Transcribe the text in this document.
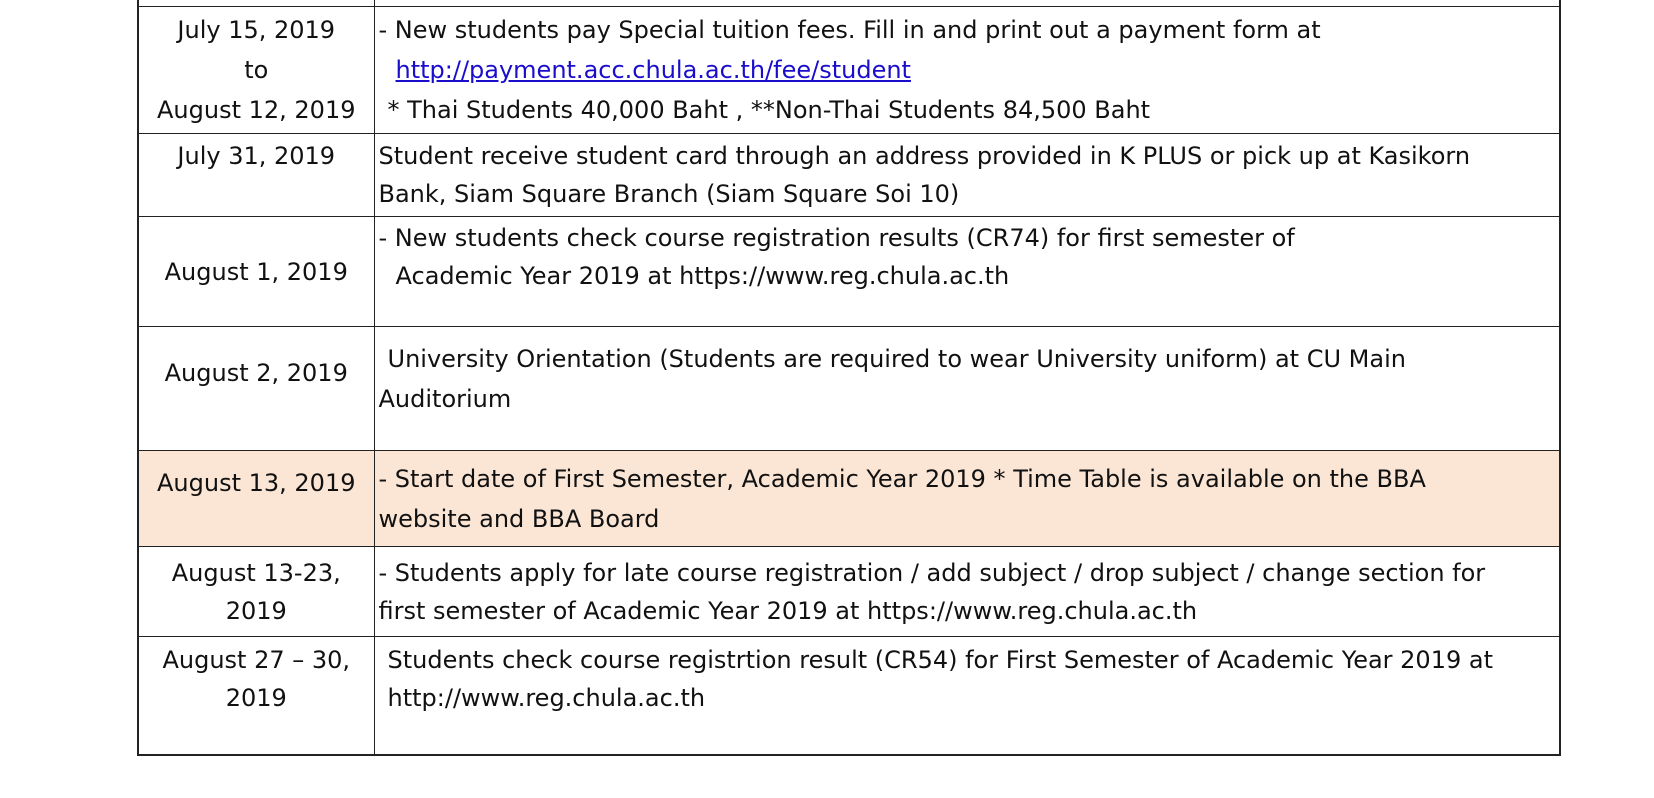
July 15, 2019
to
August 12, 2019	- New students pay Special tuition fees. Fill in and print out a payment form at
http://payment.acc.chula.ac.th/fee/student
* Thai Students 40,000 Baht , **Non-Thai Students 84,500 Baht

July 31, 2019	Student receive student card through an address provided in K PLUS or pick up at Kasikorn
Bank, Siam Square Branch (Siam Square Soi 10)

August 1, 2019	- New students check course registration results (CR74) for first semester of
Academic Year 2019 at https://www.reg.chula.ac.th

August 2, 2019	University Orientation (Students are required to wear University uniform) at CU Main
Auditorium

August 13, 2019	- Start date of First Semester, Academic Year 2019 * Time Table is available on the BBA
website and BBA Board

August 13-23,
2019	- Students apply for late course registration / add subject / drop subject / change section for
first semester of Academic Year 2019 at https://www.reg.chula.ac.th

August 27 – 30,
2019	Students check course registrtion result (CR54) for First Semester of Academic Year 2019 at
http://www.reg.chula.ac.th
